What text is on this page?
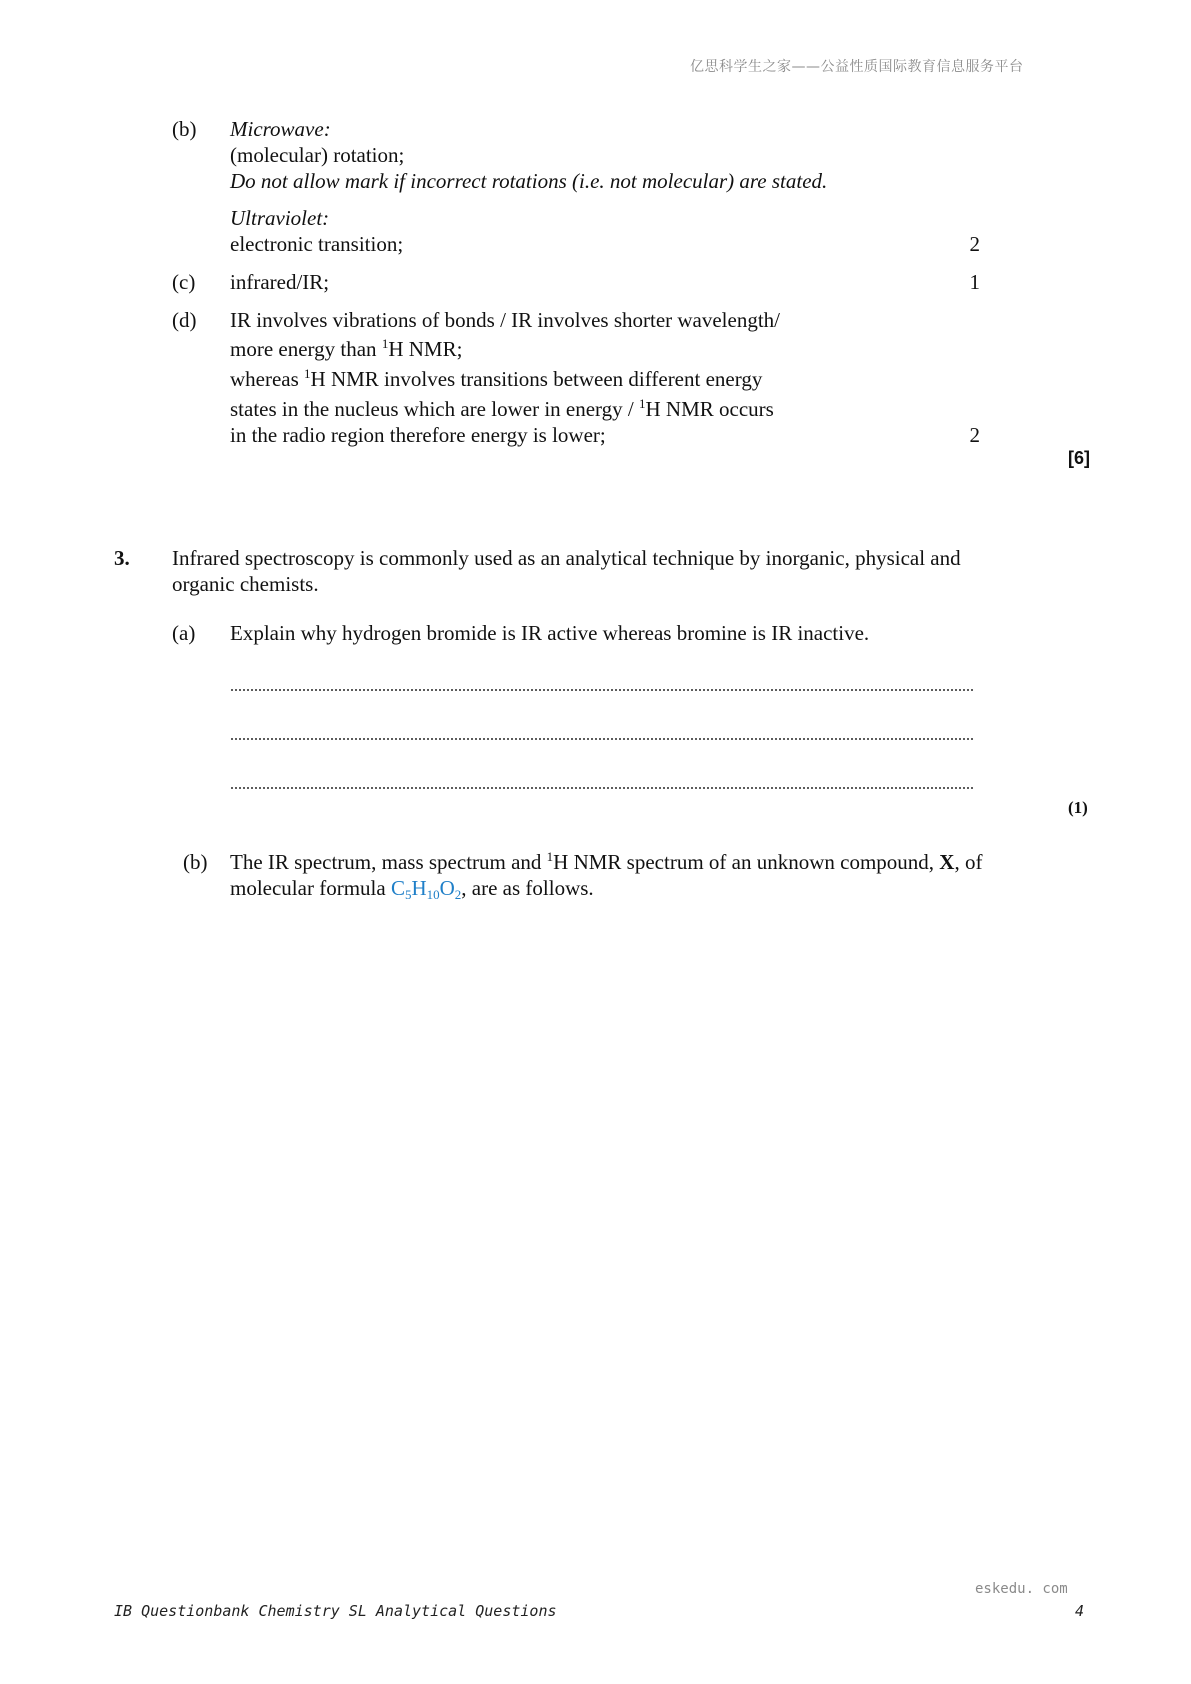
亿思科学生之家——公益性质国际教育信息服务平台
(b) Microwave:
(molecular) rotation;
Do not allow mark if incorrect rotations (i.e. not molecular) are stated.
Ultraviolet:
electronic transition;	2
(c) infrared/IR;	1
(d) IR involves vibrations of bonds / IR involves shorter wavelength/
more energy than $^1$H NMR;
whereas $^1$H NMR involves transitions between different energy
states in the nucleus which are lower in energy / $^1$H NMR occurs
in the radio region therefore energy is lower;	2
[6]
3. Infrared spectroscopy is commonly used as an analytical technique by inorganic, physical and
organic chemists.
(a) Explain why hydrogen bromide is IR active whereas bromine is IR inactive.
(1)
(b) The IR spectrum, mass spectrum and $^1$H NMR spectrum of an unknown compound, X, of
molecular formula $C_5H_{10}O_2$, are as follows.
eskedu. com
IB Questionbank Chemistry SL Analytical Questions	4
